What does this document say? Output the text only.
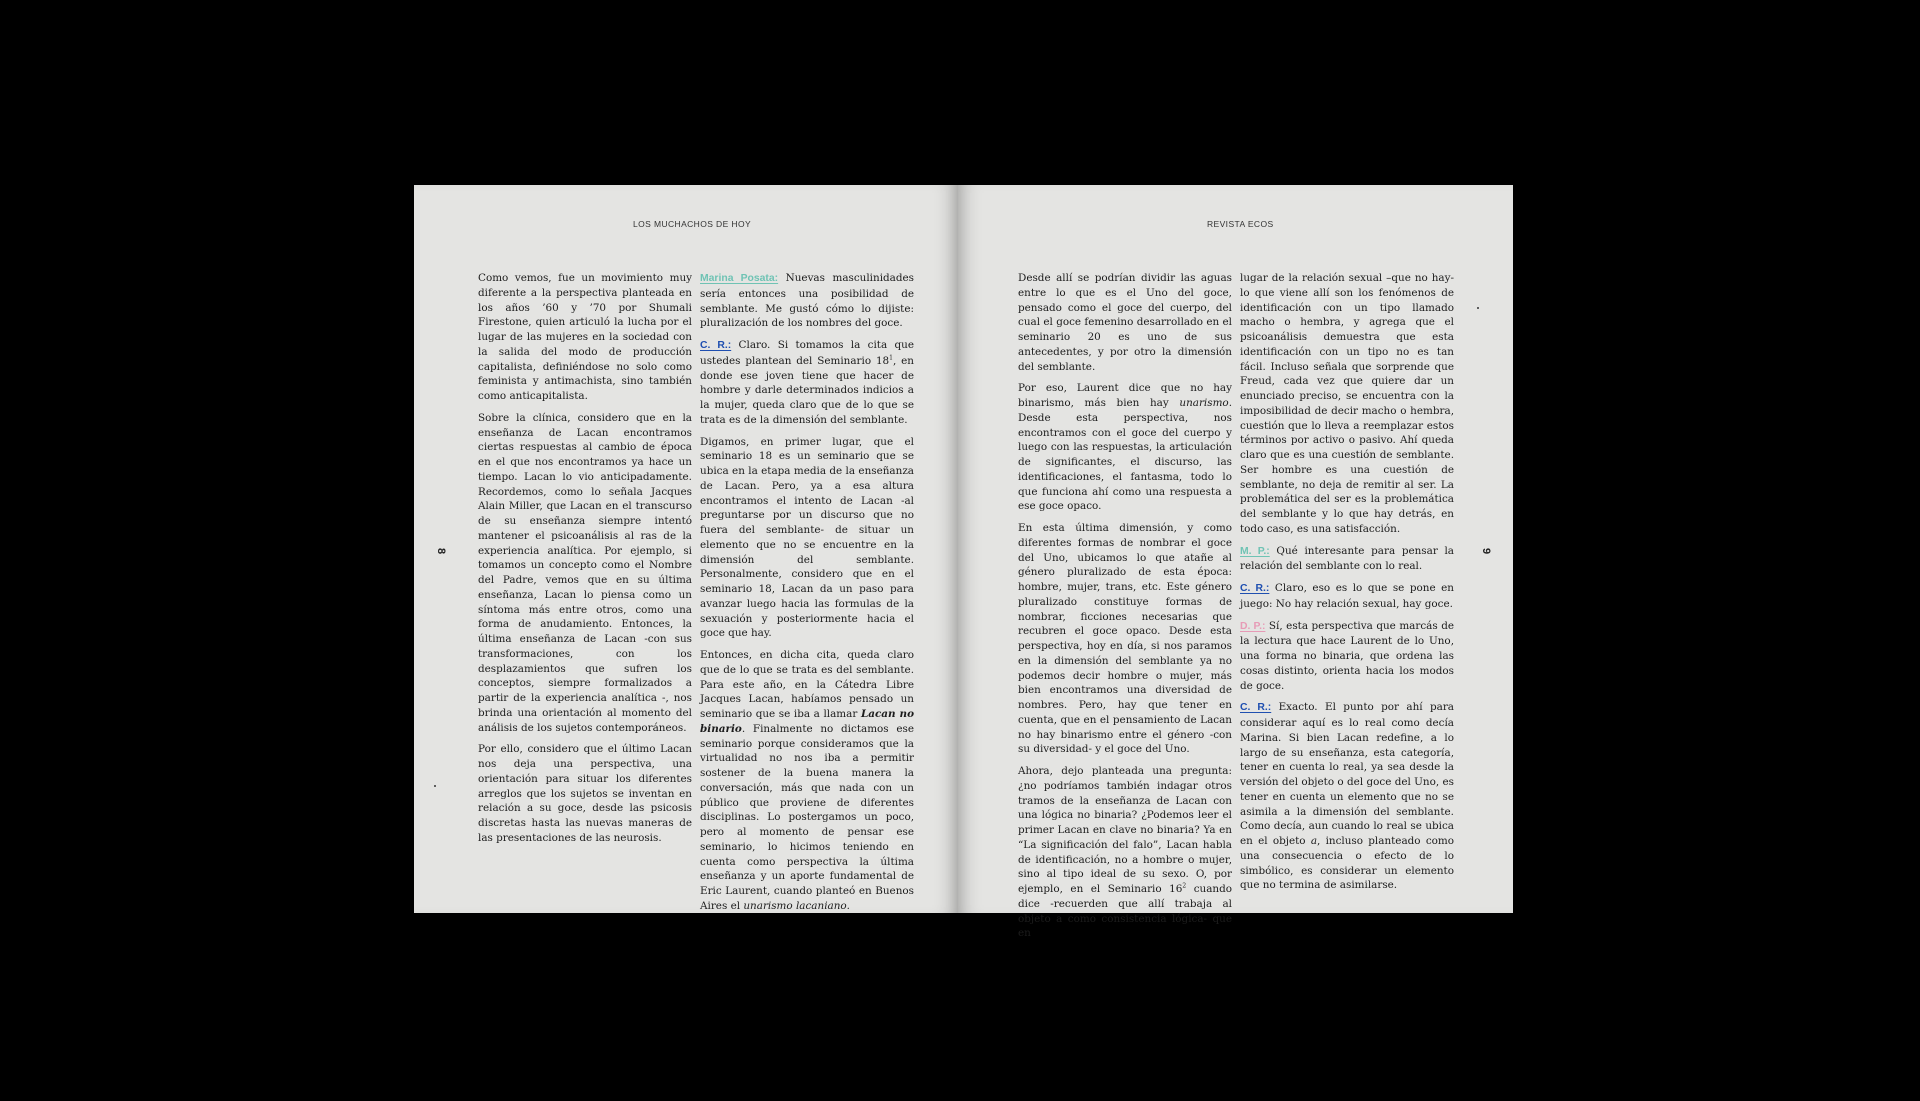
LOS MUCHACHOS DE HOY
8

Como vemos, fue un movimiento muy diferente a la perspectiva planteada en los años ’60 y ’70 por Shumali Firestone, quien articuló la lucha por el lugar de las mujeres en la sociedad con la salida del modo de producción capitalista, definiéndose no solo como feminista y antimachista, sino también como anticapitalista.

Sobre la clínica, considero que en la enseñanza de Lacan encontramos ciertas respuestas al cambio de época en el que nos encontramos ya hace un tiempo. Lacan lo vio anticipadamente. Recordemos, como lo señala Jacques Alain Miller, que Lacan en el transcurso de su enseñanza siempre intentó mantener el psicoanálisis al ras de la experiencia analítica. Por ejemplo, si tomamos un concepto como el Nombre del Padre, vemos que en su última enseñanza, Lacan lo piensa como un síntoma más entre otros, como una forma de anudamiento. Entonces, la última enseñanza de Lacan -con sus transformaciones, con los desplazamientos que sufren los conceptos, siempre formalizados a partir de la experiencia analítica -, nos brinda una orientación al momento del análisis de los sujetos contemporáneos.

Por ello, considero que el último Lacan nos deja una perspectiva, una orientación para situar los diferentes arreglos que los sujetos se inventan en relación a su goce, desde las psicosis discretas hasta las nuevas maneras de las presentaciones de las neurosis.

Marina Posata: Nuevas masculinidades sería entonces una posibilidad de semblante. Me gustó cómo lo dijiste: pluralización de los nombres del goce.

C. R.: Claro. Si tomamos la cita que ustedes plantean del Seminario $18^1$, en donde ese joven tiene que hacer de hombre y darle determinados indicios a la mujer, queda claro que de lo que se trata es de la dimensión del semblante.

Digamos, en primer lugar, que el seminario 18 es un seminario que se ubica en la etapa media de la enseñanza de Lacan. Pero, ya a esa altura encontramos el intento de Lacan -al preguntarse por un discurso que no fuera del semblante- de situar un elemento que no se encuentre en la dimensión del semblante. Personalmente, considero que en el seminario 18, Lacan da un paso para avanzar luego hacia las formulas de la sexuación y posteriormente hacia el goce que hay.

Entonces, en dicha cita, queda claro que de lo que se trata es del semblante. Para este año, en la Cátedra Libre Jacques Lacan, habíamos pensado un seminario que se iba a llamar Lacan no binario. Finalmente no dictamos ese seminario porque consideramos que la virtualidad no nos iba a permitir sostener de la buena manera la conversación, más que nada con un público que proviene de diferentes disciplinas. Lo postergamos un poco, pero al momento de pensar ese seminario, lo hicimos teniendo en cuenta como perspectiva la última enseñanza y un aporte fundamental de Eric Laurent, cuando planteó en Buenos Aires el unarismo lacaniano.

REVISTA ECOS
9

Desde allí se podrían dividir las aguas entre lo que es el Uno del goce, pensado como el goce del cuerpo, del cual el goce femenino desarrollado en el seminario 20 es uno de sus antecedentes, y por otro la dimensión del semblante.

Por eso, Laurent dice que no hay binarismo, más bien hay unarismo. Desde esta perspectiva, nos encontramos con el goce del cuerpo y luego con las respuestas, la articulación de significantes, el discurso, las identificaciones, el fantasma, todo lo que funciona ahí como una respuesta a ese goce opaco.

En esta última dimensión, y como diferentes formas de nombrar el goce del Uno, ubicamos lo que atañe al género pluralizado de esta época: hombre, mujer, trans, etc. Este género pluralizado constituye formas de nombrar, ficciones necesarias que recubren el goce opaco. Desde esta perspectiva, hoy en día, si nos paramos en la dimensión del semblante ya no podemos decir hombre o mujer, más bien encontramos una diversidad de nombres. Pero, hay que tener en cuenta, que en el pensamiento de Lacan no hay binarismo entre el género -con su diversidad- y el goce del Uno.

Ahora, dejo planteada una pregunta: ¿no podríamos también indagar otros tramos de la enseñanza de Lacan con una lógica no binaria? ¿Podemos leer el primer Lacan en clave no binaria? Ya en “La significación del falo”, Lacan habla de identificación, no a hombre o mujer, sino al tipo ideal de su sexo. O, por ejemplo, en el Seminario $16^2$ cuando dice -recuerden que allí trabaja al objeto a como consistencia lógica- que en

lugar de la relación sexual –que no hay- lo que viene allí son los fenómenos de identificación con un tipo llamado macho o hembra, y agrega que el psicoanálisis demuestra que esta identificación con un tipo no es tan fácil. Incluso señala que sorprende que Freud, cada vez que quiere dar un enunciado preciso, se encuentra con la imposibilidad de decir macho o hembra, cuestión que lo lleva a reemplazar estos términos por activo o pasivo. Ahí queda claro que es una cuestión de semblante. Ser hombre es una cuestión de semblante, no deja de remitir al ser. La problemática del ser es la problemática del semblante y lo que hay detrás, en todo caso, es una satisfacción.

M. P.: Qué interesante para pensar la relación del semblante con lo real.

C. R.: Claro, eso es lo que se pone en juego: No hay relación sexual, hay goce.

D. P.: Sí, esta perspectiva que marcás de la lectura que hace Laurent de lo Uno, una forma no binaria, que ordena las cosas distinto, orienta hacia los modos de goce.

C. R.: Exacto. El punto por ahí para considerar aquí es lo real como decía Marina. Si bien Lacan redefine, a lo largo de su enseñanza, esta categoría, tener en cuenta lo real, ya sea desde la versión del objeto o del goce del Uno, es tener en cuenta un elemento que no se asimila a la dimensión del semblante. Como decía, aun cuando lo real se ubica en el objeto a, incluso planteado como una consecuencia o efecto de lo simbólico, es considerar un elemento que no termina de asimilarse.
